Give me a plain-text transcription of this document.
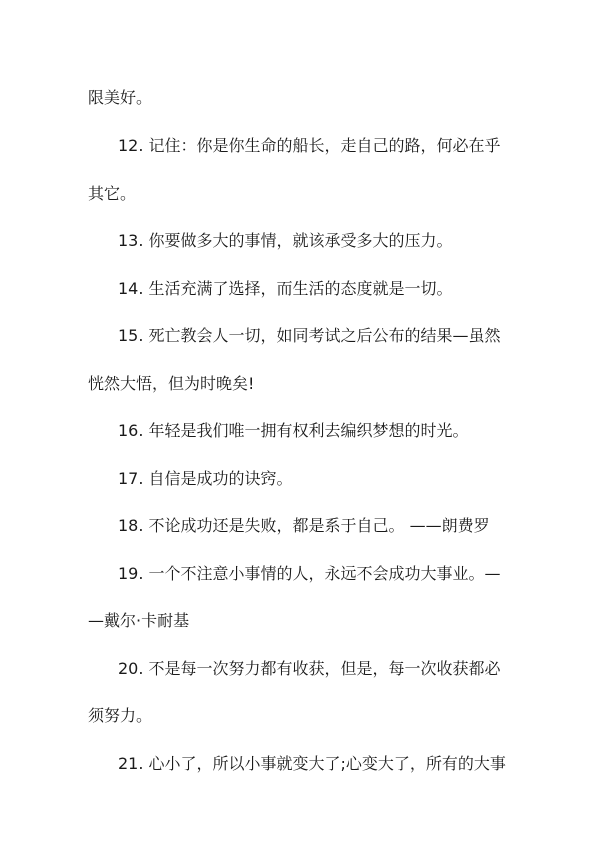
限美好。
12. 记住：你是你生命的船长，走自己的路，何必在乎
其它。
13. 你要做多大的事情，就该承受多大的压力。
14. 生活充满了选择，而生活的态度就是一切。
15. 死亡教会人一切，如同考试之后公布的结果—虽然
恍然大悟，但为时晚矣!
16. 年轻是我们唯一拥有权利去编织梦想的时光。
17. 自信是成功的诀窍。
18. 不论成功还是失败，都是系于自己。 ——朗费罗
19. 一个不注意小事情的人，永远不会成功大事业。—
—戴尔·卡耐基
20. 不是每一次努力都有收获，但是，每一次收获都必
须努力。
21. 心小了，所以小事就变大了;心变大了，所有的大事
